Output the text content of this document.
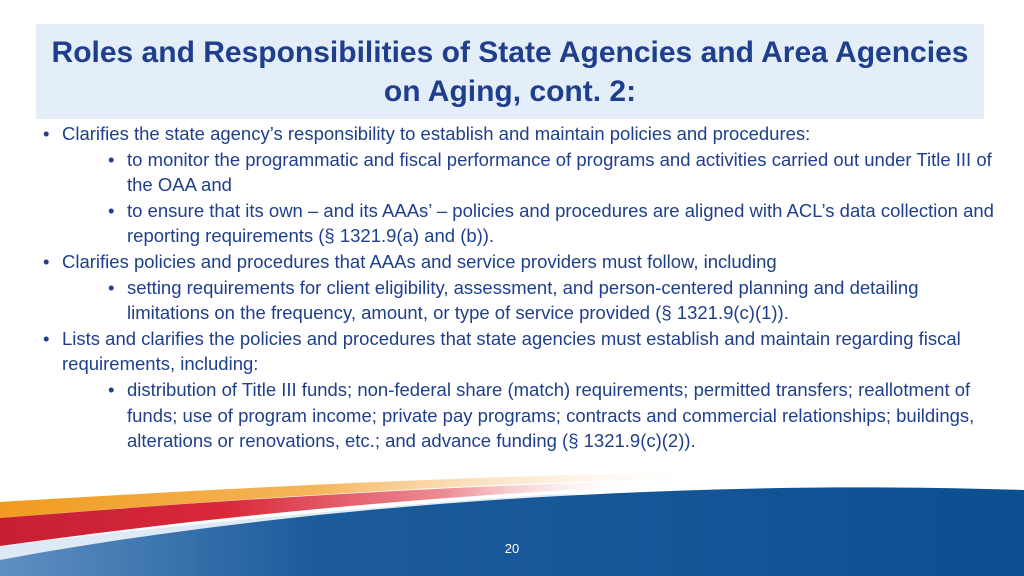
Roles and Responsibilities of State Agencies and Area Agencies on Aging, cont. 2:
• Clarifies the state agency’s responsibility to establish and maintain policies and procedures:
• to monitor the programmatic and fiscal performance of programs and activities carried out under Title III of the OAA and
• to ensure that its own – and its AAAs’ – policies and procedures are aligned with ACL’s data collection and reporting requirements (§ 1321.9(a) and (b)).
• Clarifies policies and procedures that AAAs and service providers must follow, including
• setting requirements for client eligibility, assessment, and person-centered planning and detailing limitations on the frequency, amount, or type of service provided (§ 1321.9(c)(1)).
• Lists and clarifies the policies and procedures that state agencies must establish and maintain regarding fiscal requirements, including:
• distribution of Title III funds; non-federal share (match) requirements; permitted transfers; reallotment of funds; use of program income; private pay programs; contracts and commercial relationships; buildings, alterations or renovations, etc.; and advance funding (§ 1321.9(c)(2)).
20
